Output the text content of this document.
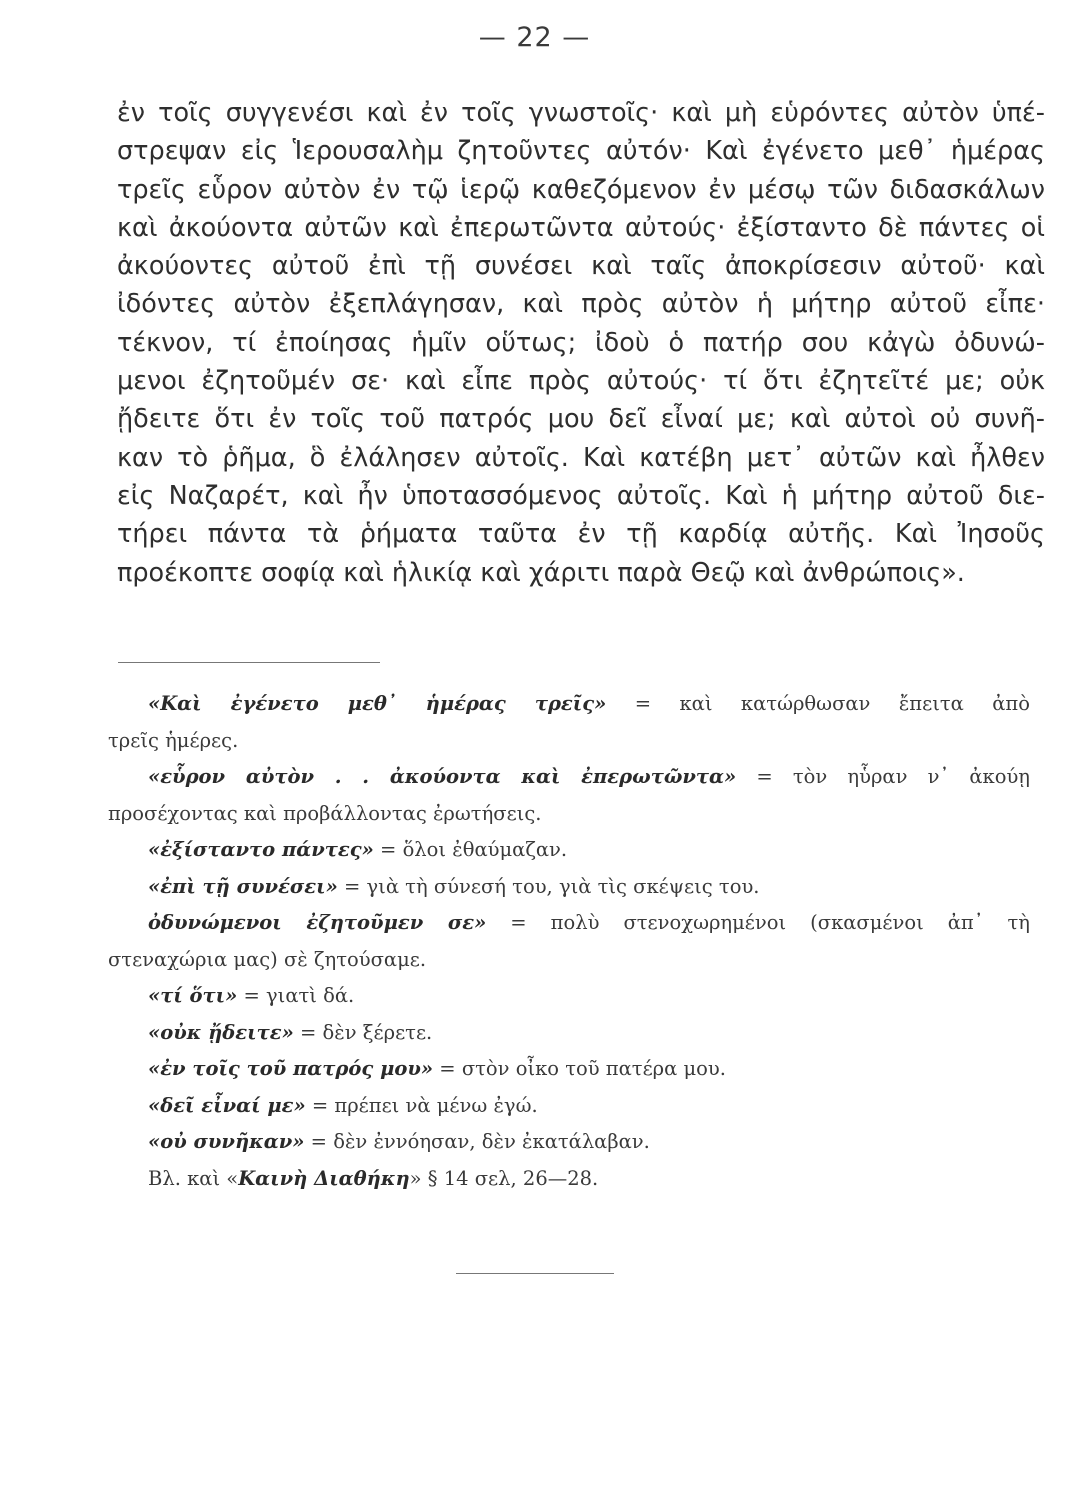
— 22 —
ἐν τοῖς συγγενέσι καὶ ἐν τοῖς γνωστοῖς· καὶ μὴ εὑρόντες αὐτὸν ὑπέ-
στρεψαν εἰς Ἱερουσαλὴμ ζητοῦντες αὐτόν· Καὶ ἐγένετο μεθ᾽ ἡμέρας
τρεῖς εὗρον αὐτὸν ἐν τῷ ἱερῷ καθεζόμενον ἐν μέσῳ τῶν διδασκάλων
καὶ ἀκούοντα αὐτῶν καὶ ἐπερωτῶντα αὐτούς· ἐξίσταντο δὲ πάντες οἱ
ἀκούοντες αὐτοῦ ἐπὶ τῇ συνέσει καὶ ταῖς ἀποκρίσεσιν αὐτοῦ· καὶ
ἰδόντες αὐτὸν ἐξεπλάγησαν, καὶ πρὸς αὐτὸν ἡ μήτηρ αὐτοῦ εἶπε·
τέκνον, τί ἐποίησας ἡμῖν οὕτως; ἰδοὺ ὁ πατήρ σου κἀγὼ ὀδυνώ-
μενοι ἐζητοῦμέν σε· καὶ εἶπε πρὸς αὐτούς· τί ὅτι ἐζητεῖτέ με; οὐκ
ᾔδειτε ὅτι ἐν τοῖς τοῦ πατρός μου δεῖ εἶναί με; καὶ αὐτοὶ οὐ συνῆ-
καν τὸ ῥῆμα, ὃ ἐλάλησεν αὐτοῖς. Καὶ κατέβη μετ᾽ αὐτῶν καὶ ἦλθεν
εἰς Ναζαρέτ, καὶ ἦν ὑποτασσόμενος αὐτοῖς. Καὶ ἡ μήτηρ αὐτοῦ διε-
τήρει πάντα τὰ ῥήματα ταῦτα ἐν τῇ καρδίᾳ αὐτῆς. Καὶ Ἰησοῦς
προέκοπτε σοφίᾳ καὶ ἡλικίᾳ καὶ χάριτι παρὰ Θεῷ καὶ ἀνθρώποις».
«Καὶ ἐγένετο μεθ᾽ ἡμέρας τρεῖς» = καὶ κατώρθωσαν ἔπειτα ἀπὸ
τρεῖς ἡμέρες.
«εὗρον αὐτὸν . . ἀκούοντα καὶ ἐπερωτῶντα» = τὸν ηὗραν ν᾽ ἀκούῃ
προσέχοντας καὶ προβάλλοντας ἐρωτήσεις.
«ἐξίσταντο πάντες» = ὅλοι ἐθαύμαζαν.
«ἐπὶ τῇ συνέσει» = γιὰ τὴ σύνεσή του, γιὰ τὶς σκέψεις του.
ὀδυνώμενοι ἐζητοῦμεν σε» = πολὺ στενοχωρημένοι (σκασμένοι ἀπ᾽ τὴ
στεναχώρια μας) σὲ ζητούσαμε.
«τί ὅτι» = γιατὶ δά.
«οὐκ ᾔδειτε» = δὲν ξέρετε.
«ἐν τοῖς τοῦ πατρός μου» = στὸν οἶκο τοῦ πατέρα μου.
«δεῖ εἶναί με» = πρέπει νὰ μένω ἐγώ.
«οὐ συνῆκαν» = δὲν ἐννόησαν, δὲν ἐκατάλαβαν.
Βλ. καὶ «Καινὴ Διαθήκη» § 14 σελ, 26—28.
